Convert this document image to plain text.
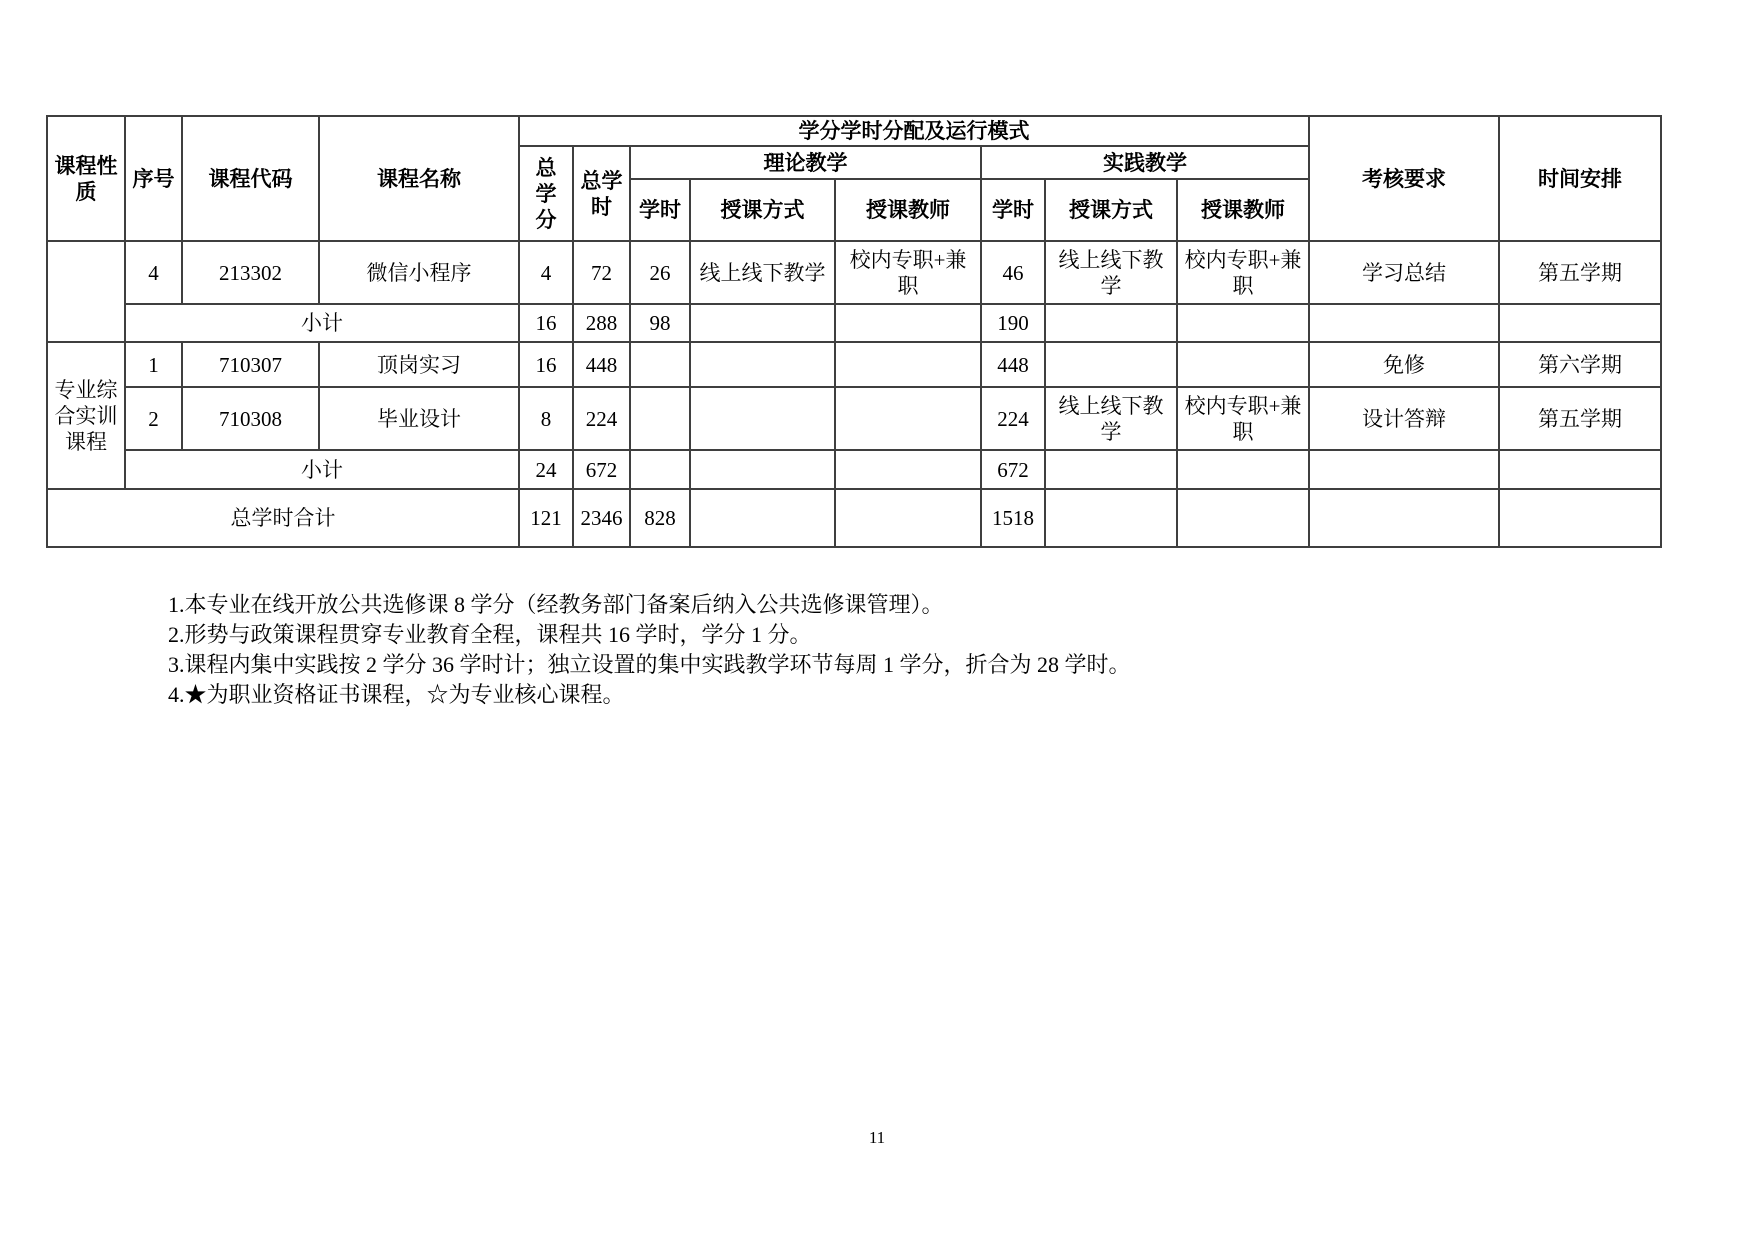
课程性质	序号	课程代码	课程名称	学分学时分配及运行模式								考核要求	时间安排
				总学分	总学时	理论教学			实践教学				
						学时	授课方式	授课教师	学时	授课方式	授课教师		
	4	213302	微信小程序	4	72	26	线上线下教学	校内专职+兼职	46	线上线下教学	校内专职+兼职	学习总结	第五学期
	小计			16	288	98			190				
专业综合实训课程	1	710307	顶岗实习	16	448				448			免修	第六学期
	2	710308	毕业设计	8	224				224	线上线下教学	校内专职+兼职	设计答辩	第五学期
	小计			24	672				672				
总学时合计				121	2346	828			1518				
1.本专业在线开放公共选修课 8 学分（经教务部门备案后纳入公共选修课管理）。
2.形势与政策课程贯穿专业教育全程，课程共 16 学时，学分 1 分。
3.课程内集中实践按 2 学分 36 学时计；独立设置的集中实践教学环节每周 1 学分，折合为 28 学时。
4.★为职业资格证书课程，☆为专业核心课程。
11
